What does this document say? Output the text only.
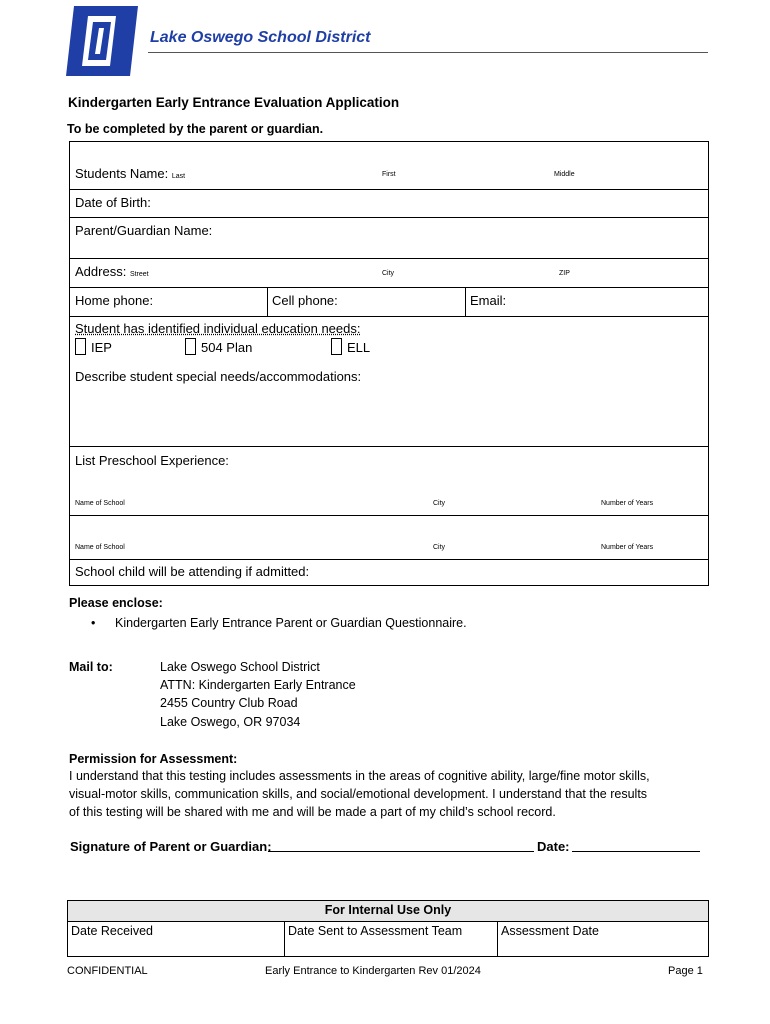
Lake Oswego School District
Kindergarten Early Entrance Evaluation Application
To be completed by the parent or guardian.
Students Name: Last	First	Middle
Date of Birth:
Parent/Guardian Name:
Address: Street	City	ZIP
Home phone:	Cell phone:	Email:
Student has identified individual education needs:
IEP	504 Plan	ELL
Describe student special needs/accommodations:
List Preschool Experience:
Name of School	City	Number of Years
Name of School	City	Number of Years
School child will be attending if admitted:
Please enclose:
• Kindergarten Early Entrance Parent or Guardian Questionnaire.
Mail to:	Lake Oswego School District
ATTN: Kindergarten Early Entrance
2455 Country Club Road
Lake Oswego, OR 97034
Permission for Assessment:
I understand that this testing includes assessments in the areas of cognitive ability, large/fine motor skills,
visual-motor skills, communication skills, and social/emotional development. I understand that the results
of this testing will be shared with me and will be made a part of my child’s school record.
Signature of Parent or Guardian:	Date:
For Internal Use Only
Date Received	Date Sent to Assessment Team	Assessment Date
CONFIDENTIAL	Early Entrance to Kindergarten Rev 01/2024	Page 1
